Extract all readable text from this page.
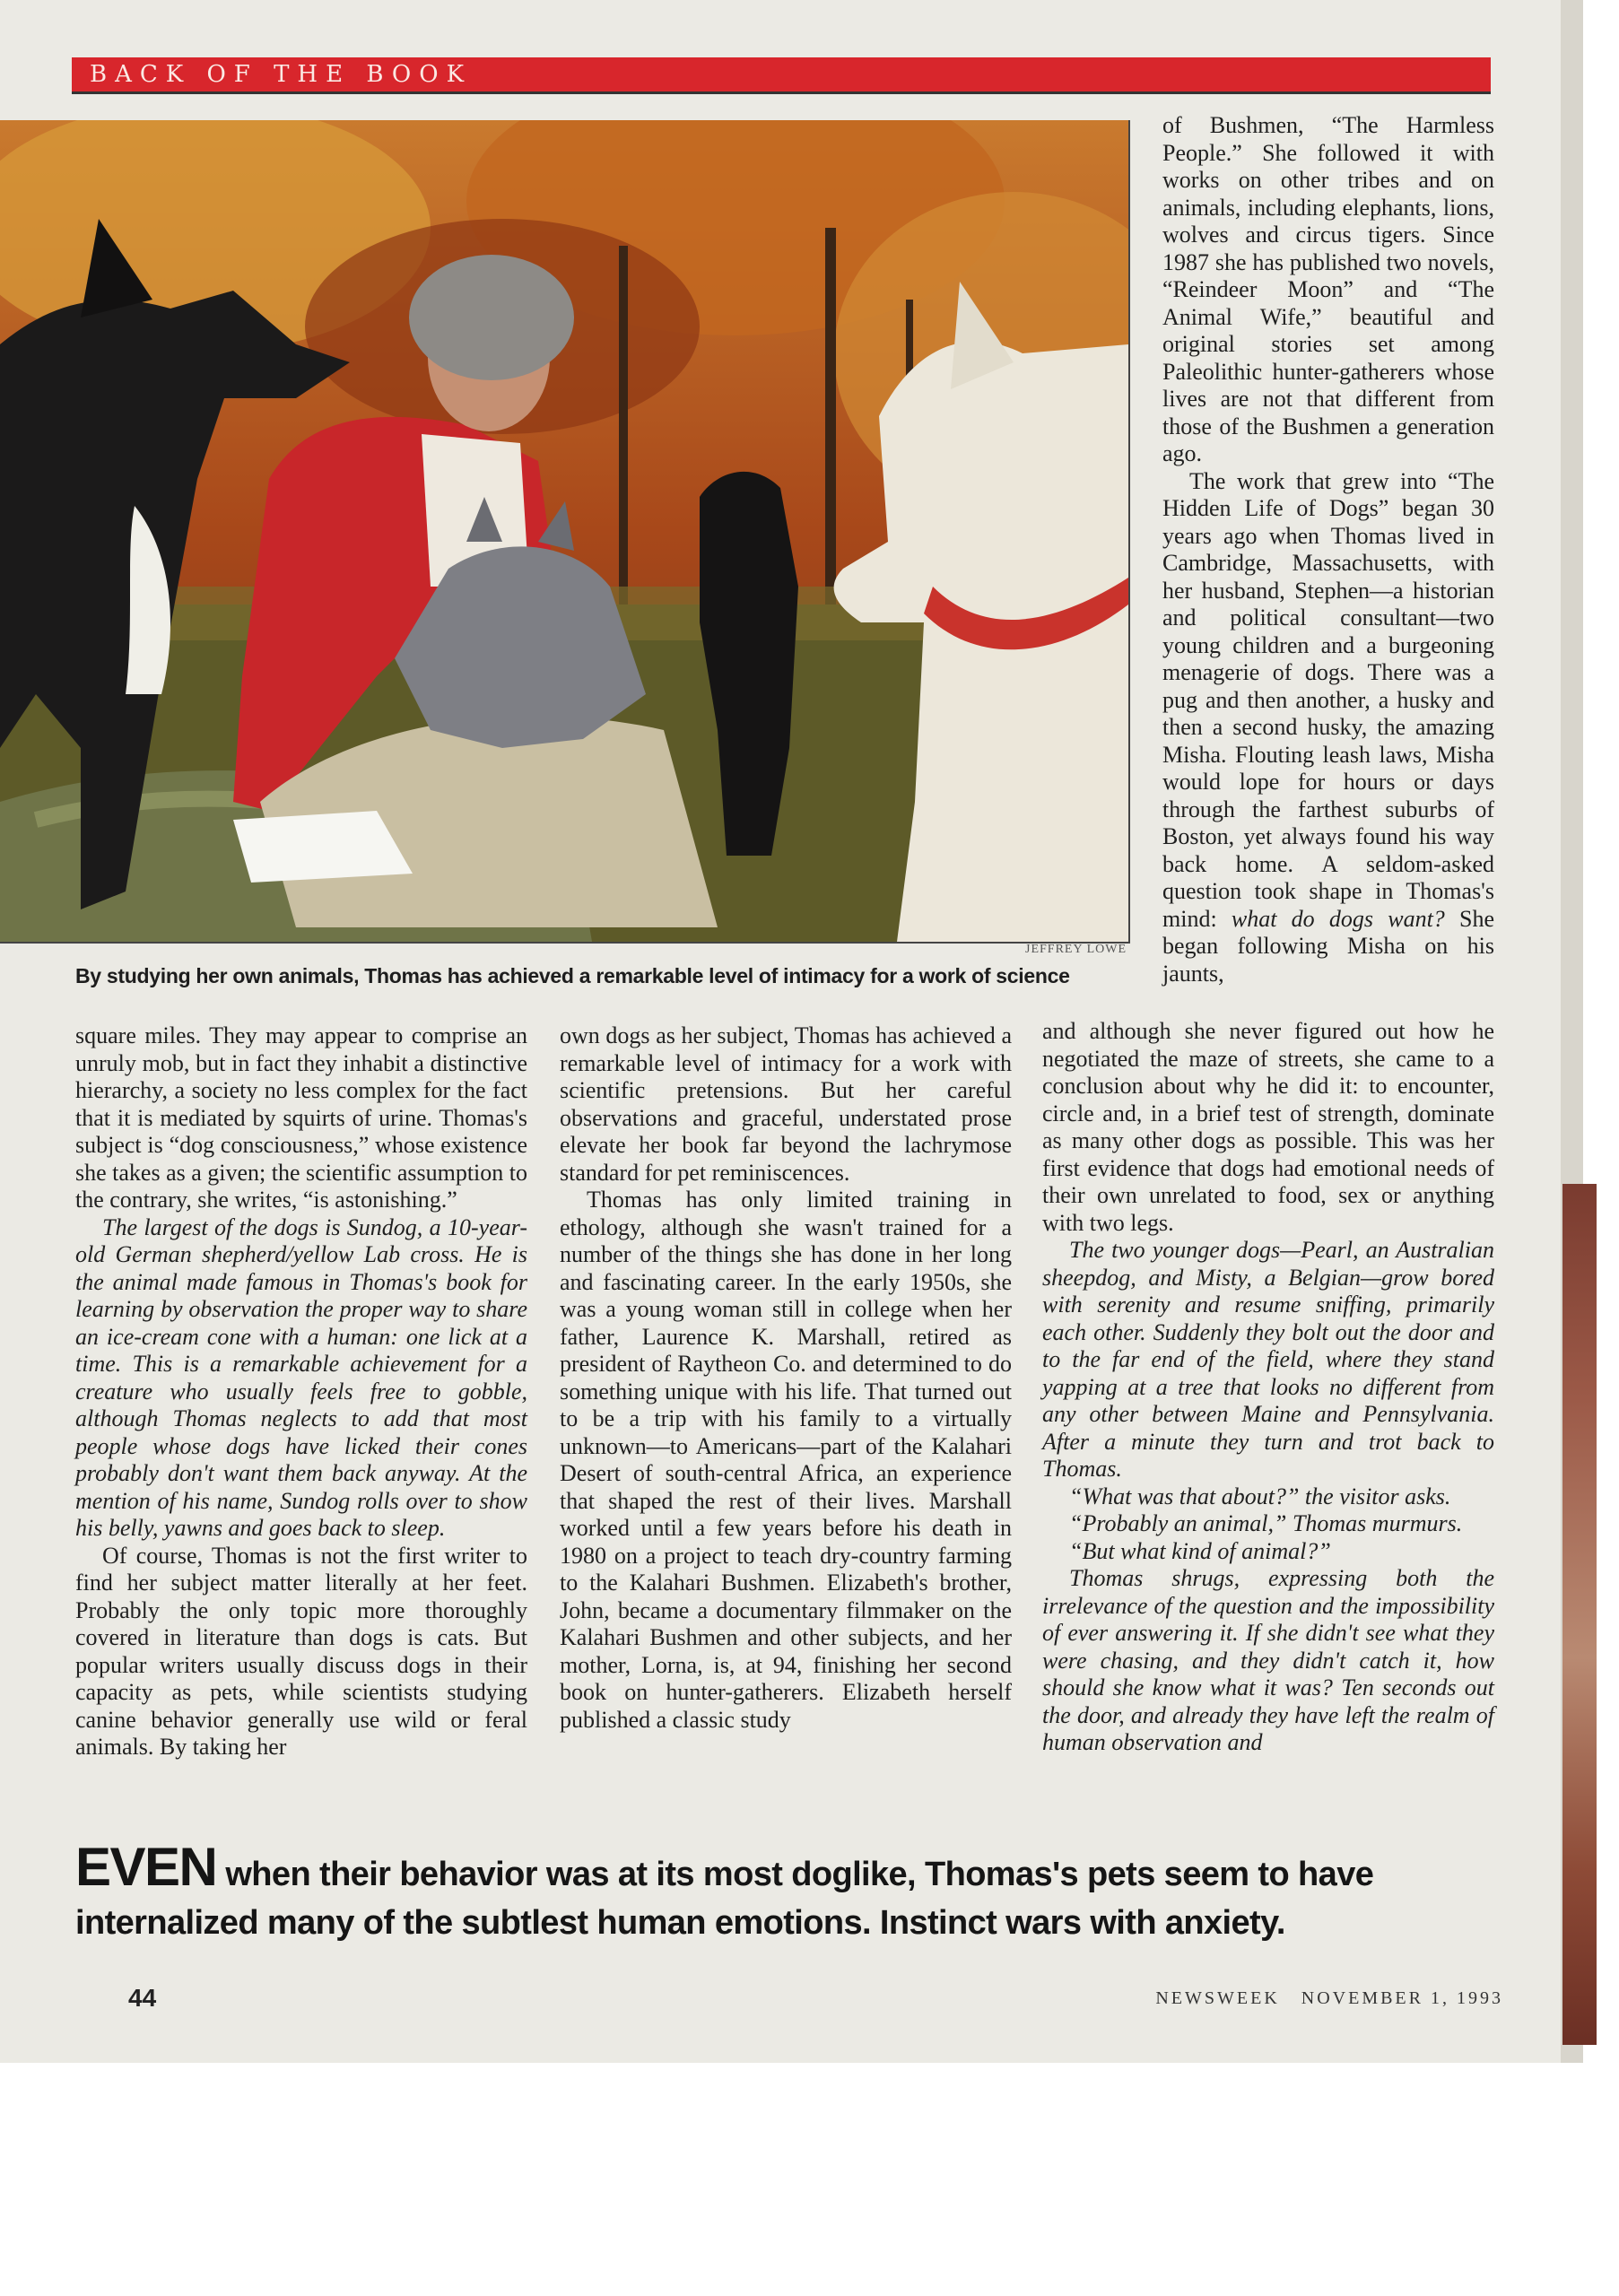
BACK OF THE BOOK
JEFFREY LOWE
By studying her own animals, Thomas has achieved a remarkable level of intimacy for a work of science

of Bushmen, “The Harmless People.” She followed it with works on other tribes and on animals, including elephants, lions, wolves and circus tigers. Since 1987 she has published two novels, “Reindeer Moon” and “The Animal Wife,” beautiful and original stories set among Paleolithic hunter-gatherers whose lives are not that different from those of the Bushmen a generation ago.

The work that grew into “The Hidden Life of Dogs” began 30 years ago when Thomas lived in Cambridge, Massachusetts, with her husband, Stephen—a historian and political consultant—two young children and a burgeoning menagerie of dogs. There was a pug and then another, a husky and then a second husky, the amazing Misha. Flouting leash laws, Misha would lope for hours or days through the farthest suburbs of Boston, yet always found his way back home. A seldom-asked question took shape in Thomas's mind: what do dogs want? She began following Misha on his jaunts,

square miles. They may appear to comprise an unruly mob, but in fact they inhabit a distinctive hierarchy, a society no less complex for the fact that it is mediated by squirts of urine. Thomas's subject is “dog consciousness,” whose existence she takes as a given; the scientific assumption to the contrary, she writes, “is astonishing.”

The largest of the dogs is Sundog, a 10-year-old German shepherd/yellow Lab cross. He is the animal made famous in Thomas's book for learning by observation the proper way to share an ice-cream cone with a human: one lick at a time. This is a remarkable achievement for a creature who usually feels free to gobble, although Thomas neglects to add that most people whose dogs have licked their cones probably don't want them back anyway. At the mention of his name, Sundog rolls over to show his belly, yawns and goes back to sleep.

Of course, Thomas is not the first writer to find her subject matter literally at her feet. Probably the only topic more thoroughly covered in literature than dogs is cats. But popular writers usually discuss dogs in their capacity as pets, while scientists studying canine behavior generally use wild or feral animals. By taking her

own dogs as her subject, Thomas has achieved a remarkable level of intimacy for a work with scientific pretensions. But her careful observations and graceful, understated prose elevate her book far beyond the lachrymose standard for pet reminiscences.

Thomas has only limited training in ethology, although she wasn't trained for a number of the things she has done in her long and fascinating career. In the early 1950s, she was a young woman still in college when her father, Laurence K. Marshall, retired as president of Raytheon Co. and determined to do something unique with his life. That turned out to be a trip with his family to a virtually unknown—to Americans—part of the Kalahari Desert of south-central Africa, an experience that shaped the rest of their lives. Marshall worked until a few years before his death in 1980 on a project to teach dry-country farming to the Kalahari Bushmen. Elizabeth's brother, John, became a documentary filmmaker on the Kalahari Bushmen and other subjects, and her mother, Lorna, is, at 94, finishing her second book on hunter-gatherers. Elizabeth herself published a classic study

and although she never figured out how he negotiated the maze of streets, she came to a conclusion about why he did it: to encounter, circle and, in a brief test of strength, dominate as many other dogs as possible. This was her first evidence that dogs had emotional needs of their own unrelated to food, sex or anything with two legs.

The two younger dogs—Pearl, an Australian sheepdog, and Misty, a Belgian—grow bored with serenity and resume sniffing, primarily each other. Suddenly they bolt out the door and to the far end of the field, where they stand yapping at a tree that looks no different from any other between Maine and Pennsylvania. After a minute they turn and trot back to Thomas.

“What was that about?” the visitor asks.

“Probably an animal,” Thomas murmurs.

“But what kind of animal?”

Thomas shrugs, expressing both the irrelevance of the question and the impossibility of ever answering it. If she didn't see what they were chasing, and they didn't catch it, how should she know what it was? Ten seconds out the door, and already they have left the realm of human observation and

EVEN when their behavior was at its most doglike, Thomas's pets seem to have internalized many of the subtlest human emotions. Instinct wars with anxiety.
44	NEWSWEEK NOVEMBER 1, 1993
